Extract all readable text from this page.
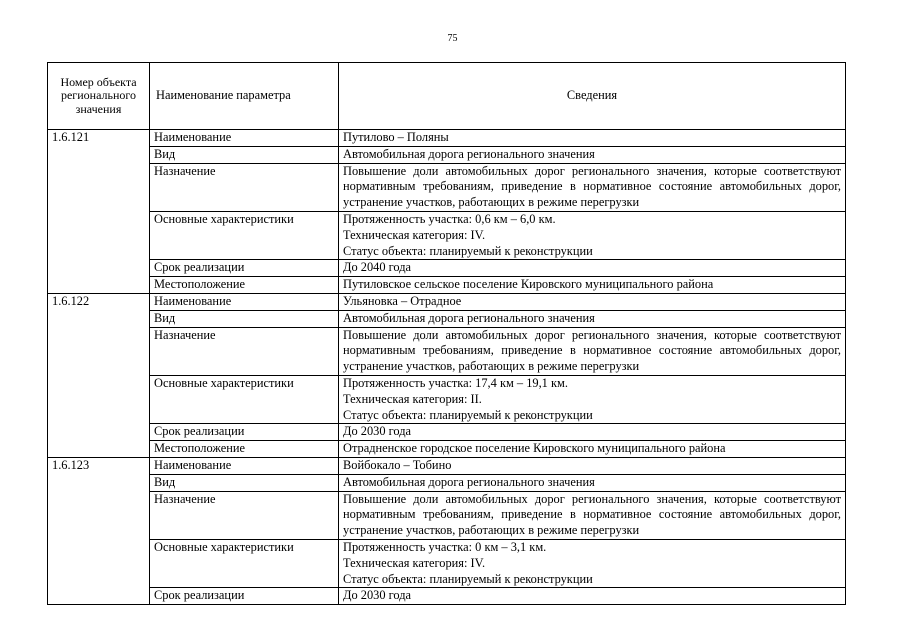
75
Номер объекта регионального значения	Наименование параметра	Сведения
1.6.121	Наименование	Путилово – Поляны

	Вид	Автомобильная дорога регионального значения

	Назначение	Повышение доли автомобильных дорог регионального значения, которые соответствуют нормативным требованиям, приведение в нормативное состояние автомобильных дорог, устранение участков, работающих в режиме перегрузки

	Основные характеристики	Протяженность участка: 0,6 км – 6,0 км.
Техническая категория: IV.
Статус объекта: планируемый к реконструкции

	Срок реализации	До 2040 года

	Местоположение	Путиловское сельское поселение Кировского муниципального района

1.6.122	Наименование	Ульяновка – Отрадное

	Вид	Автомобильная дорога регионального значения

	Назначение	Повышение доли автомобильных дорог регионального значения, которые соответствуют нормативным требованиям, приведение в нормативное состояние автомобильных дорог, устранение участков, работающих в режиме перегрузки

	Основные характеристики	Протяженность участка: 17,4 км – 19,1 км.
Техническая категория: II.
Статус объекта: планируемый к реконструкции

	Срок реализации	До 2030 года

	Местоположение	Отрадненское городское поселение Кировского муниципального района

1.6.123	Наименование	Войбокало – Тобино

	Вид	Автомобильная дорога регионального значения

	Назначение	Повышение доли автомобильных дорог регионального значения, которые соответствуют нормативным требованиям, приведение в нормативное состояние автомобильных дорог, устранение участков, работающих в режиме перегрузки

	Основные характеристики	Протяженность участка: 0 км – 3,1 км.
Техническая категория: IV.
Статус объекта: планируемый к реконструкции

	Срок реализации	До 2030 года
